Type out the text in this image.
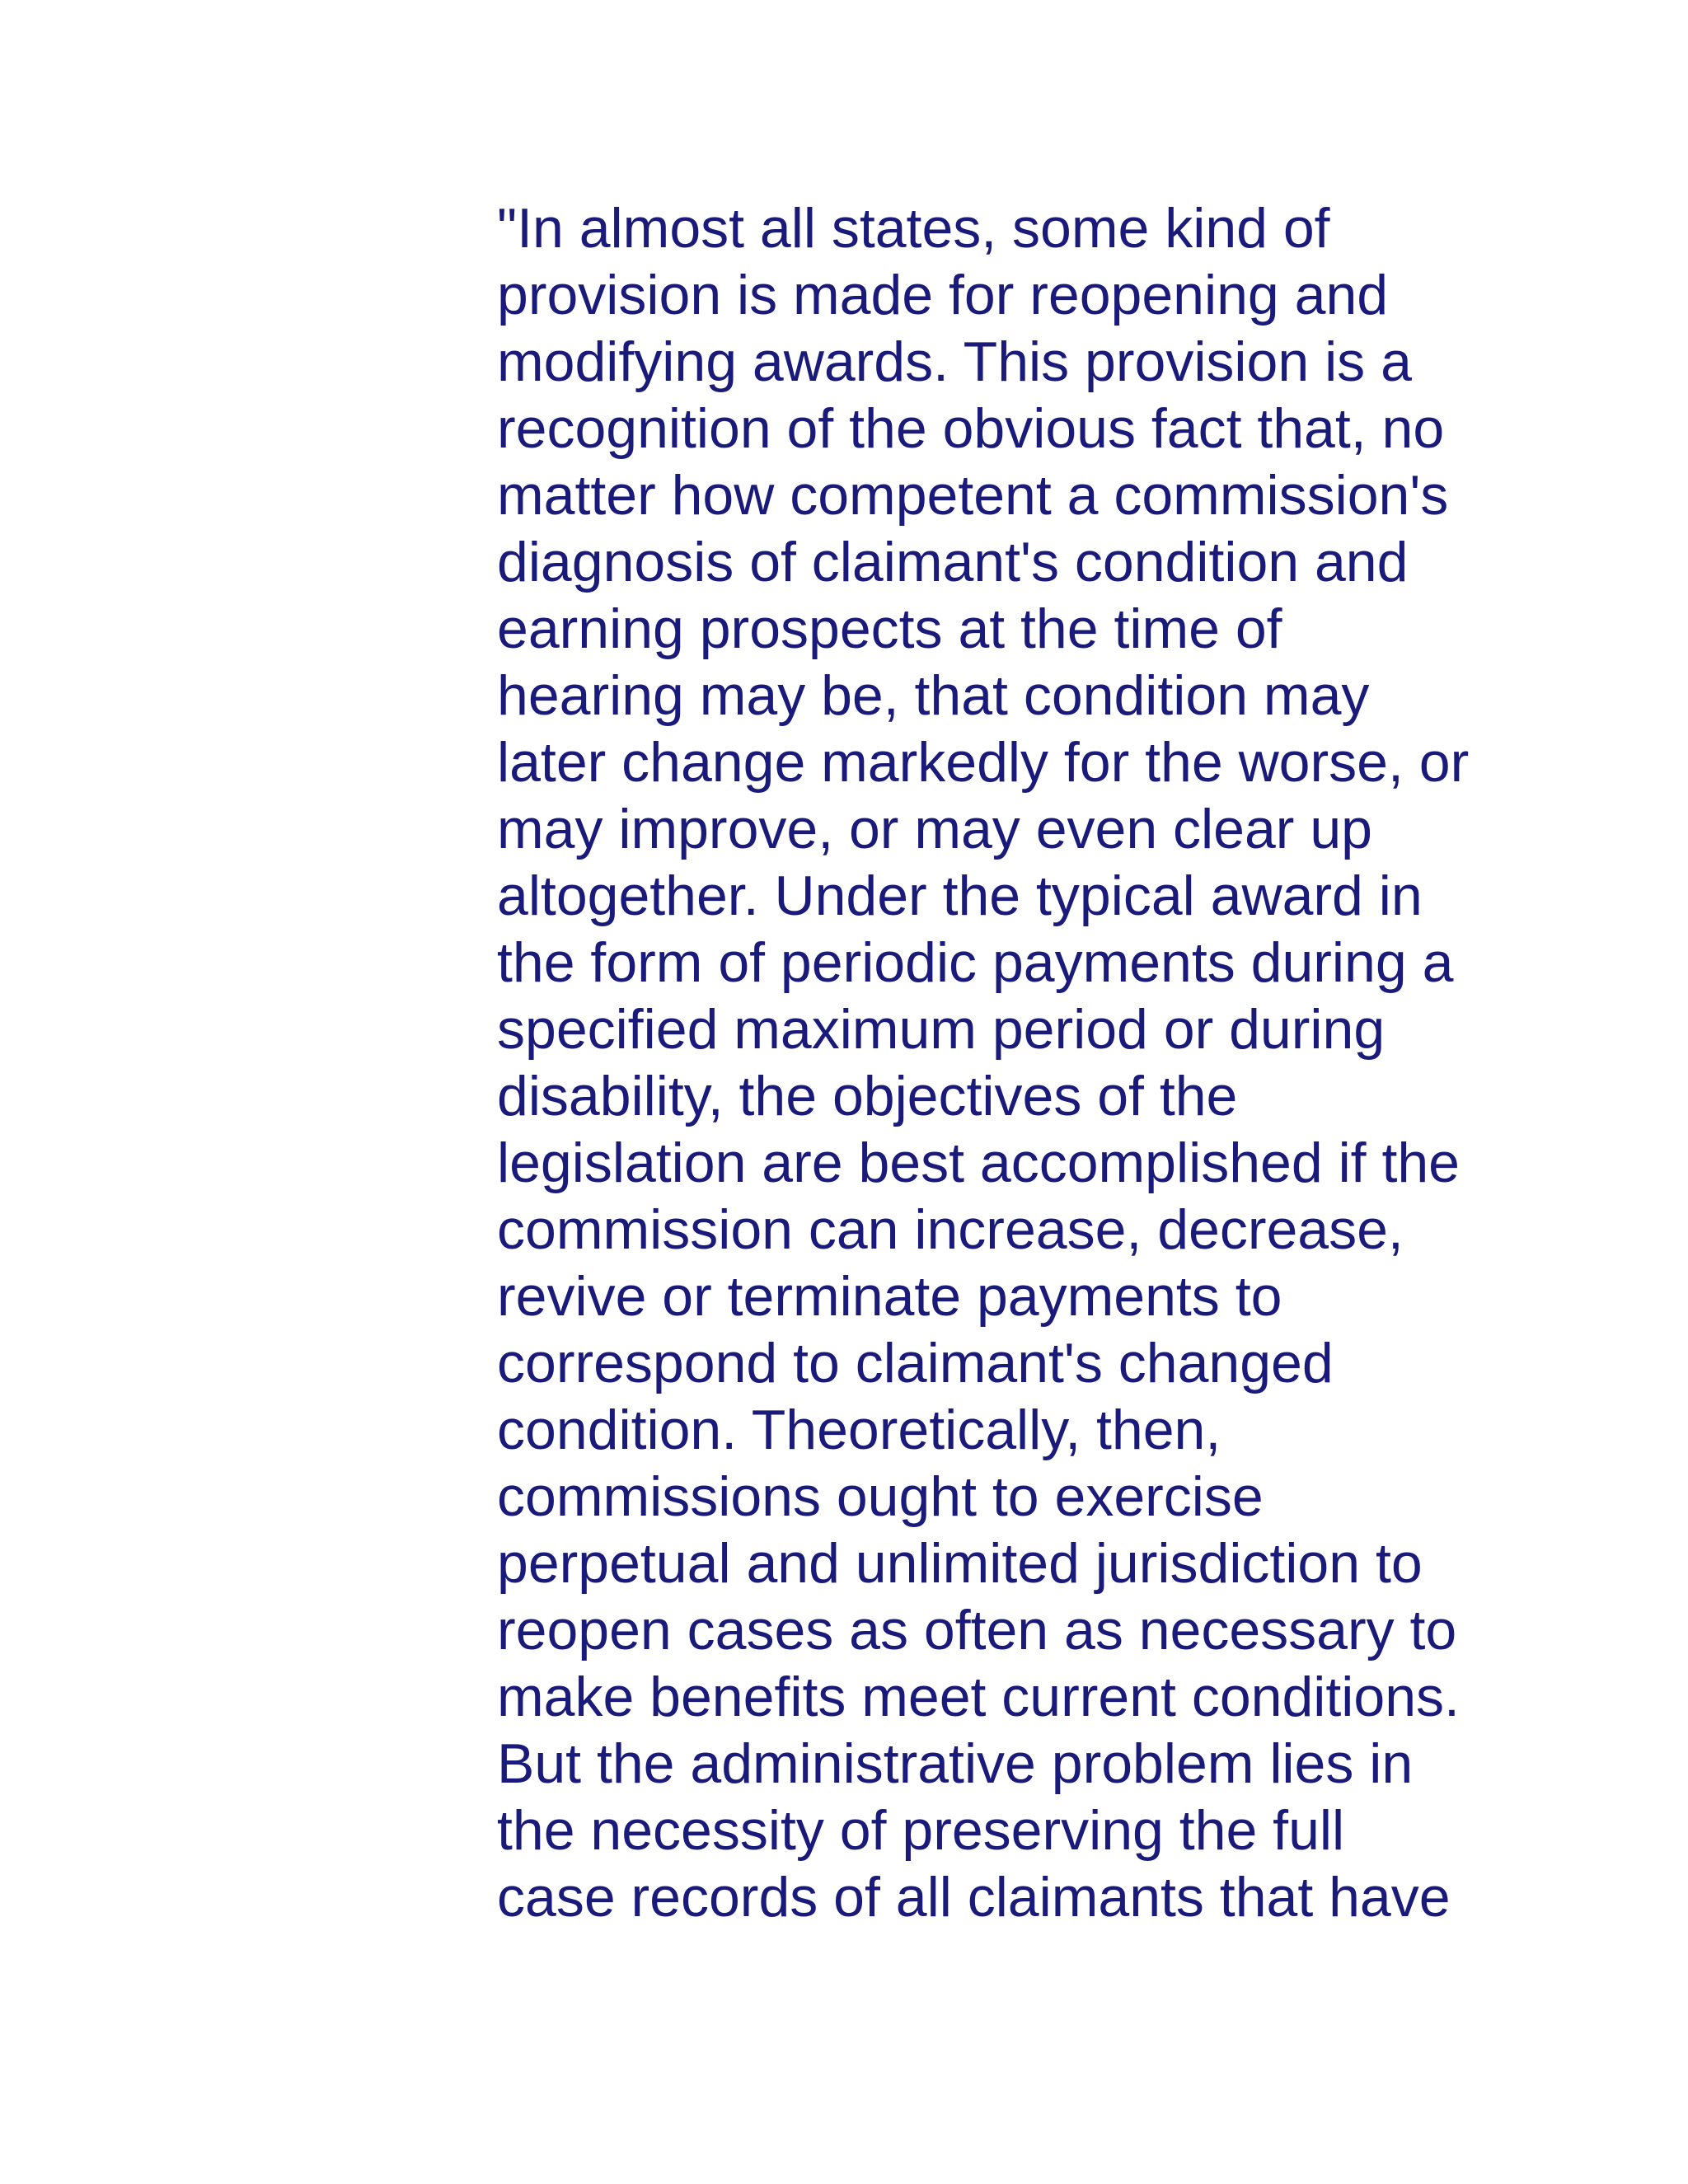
"In almost all states, some kind of
provision is made for reopening and
modifying awards. This provision is a
recognition of the obvious fact that, no
matter how competent a commission's
diagnosis of claimant's condition and
earning prospects at the time of
hearing may be, that condition may
later change markedly for the worse, or
may improve, or may even clear up
altogether. Under the typical award in
the form of periodic payments during a
specified maximum period or during
disability, the objectives of the
legislation are best accomplished if the
commission can increase, decrease,
revive or terminate payments to
correspond to claimant's changed
condition. Theoretically, then,
commissions ought to exercise
perpetual and unlimited jurisdiction to
reopen cases as often as necessary to
make benefits meet current conditions.
But the administrative problem lies in
the necessity of preserving the full
case records of all claimants that have
